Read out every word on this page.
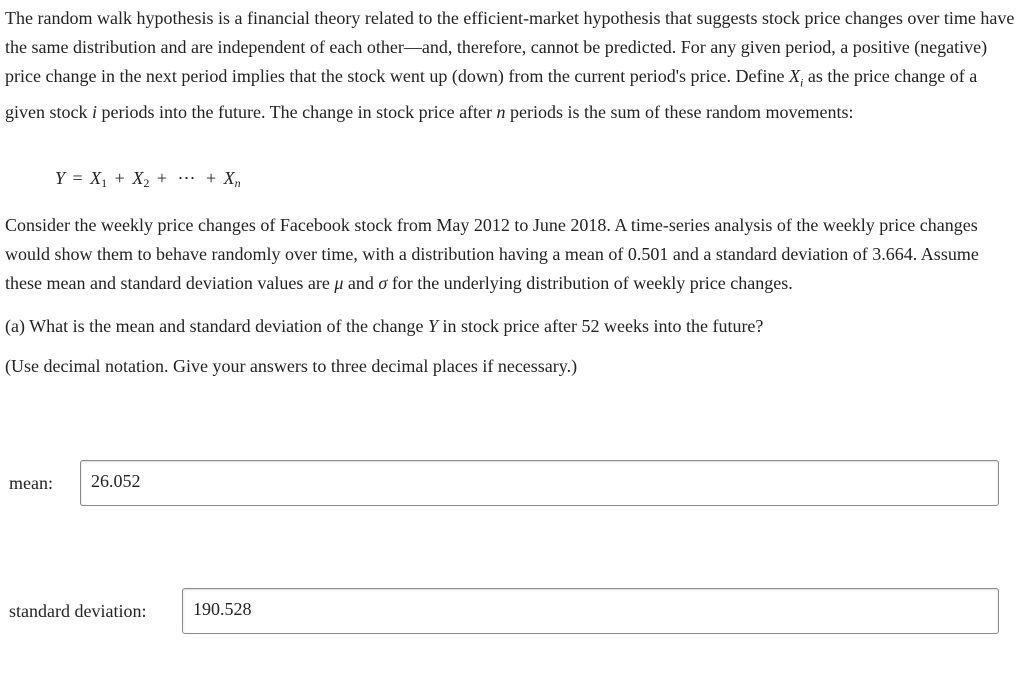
The random walk hypothesis is a financial theory related to the efficient-market hypothesis that suggests stock price changes over time have the same distribution and are independent of each other—and, therefore, cannot be predicted. For any given period, a positive (negative) price change in the next period implies that the stock went up (down) from the current period's price. Define $X_i$ as the price change of a given stock i periods into the future. The change in stock price after n periods is the sum of these random movements:

$Y = X_1 + X_2$ + ⋯ + $X_n$

Consider the weekly price changes of Facebook stock from May 2012 to June 2018. A time-series analysis of the weekly price changes would show them to behave randomly over time, with a distribution having a mean of 0.501 and a standard deviation of 3.664. Assume these mean and standard deviation values are μ and σ for the underlying distribution of weekly price changes.

(a) What is the mean and standard deviation of the change Y in stock price after 52 weeks into the future?

(Use decimal notation. Give your answers to three decimal places if necessary.)

mean:	26.052
standard deviation:	190.528
